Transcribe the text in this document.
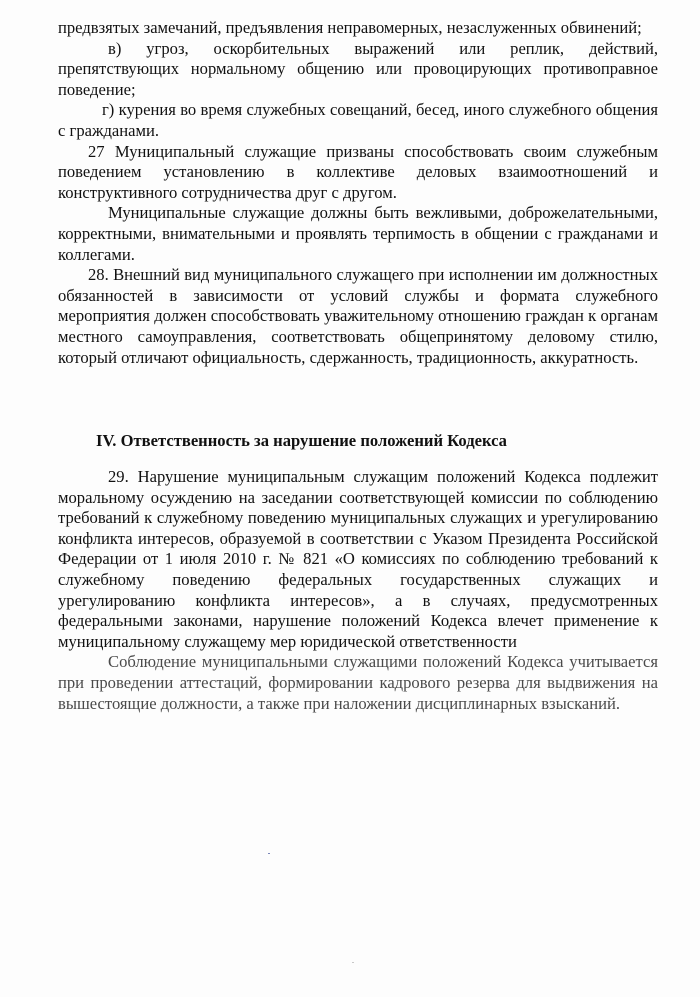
предвзятых замечаний, предъявления неправомерных, незаслуженных обвинений;

в) угроз, оскорбительных выражений или реплик, действий, препятствующих нормальному общению или провоцирующих противоправное поведение;

г) курения во время служебных совещаний, бесед, иного служебного общения с гражданами.

27 Муниципальный служащие призваны способствовать своим служебным поведением установлению в коллективе деловых взаимоотношений и конструктивного сотрудничества друг с другом.

Муниципальные служащие должны быть вежливыми, доброжелательными, корректными, внимательными и проявлять терпимость в общении с гражданами и коллегами.

28. Внешний вид муниципального служащего при исполнении им должностных обязанностей в зависимости от условий службы и формата служебного мероприятия должен способствовать уважительному отношению граждан к органам местного самоуправления, соответствовать общепринятому деловому стилю, который отличают официальность, сдержанность, традиционность, аккуратность.

IV. Ответственность за нарушение положений Кодекса

29. Нарушение муниципальным служащим положений Кодекса подлежит моральному осуждению на заседании соответствующей комиссии по соблюдению требований к служебному поведению муниципальных служащих и урегулированию конфликта интересов, образуемой в соответствии с Указом Президента Российской Федерации от 1 июля 2010 г. № 821 «О комиссиях по соблюдению требований к служебному поведению федеральных государственных служащих и урегулированию конфликта интересов», а в случаях, предусмотренных федеральными законами, нарушение положений Кодекса влечет применение к муниципальному служащему мер юридической ответственности

Соблюдение муниципальными служащими положений Кодекса учитывается при проведении аттестаций, формировании кадрового резерва для выдвижения на вышестоящие должности, а также при наложении дисциплинарных взысканий.
